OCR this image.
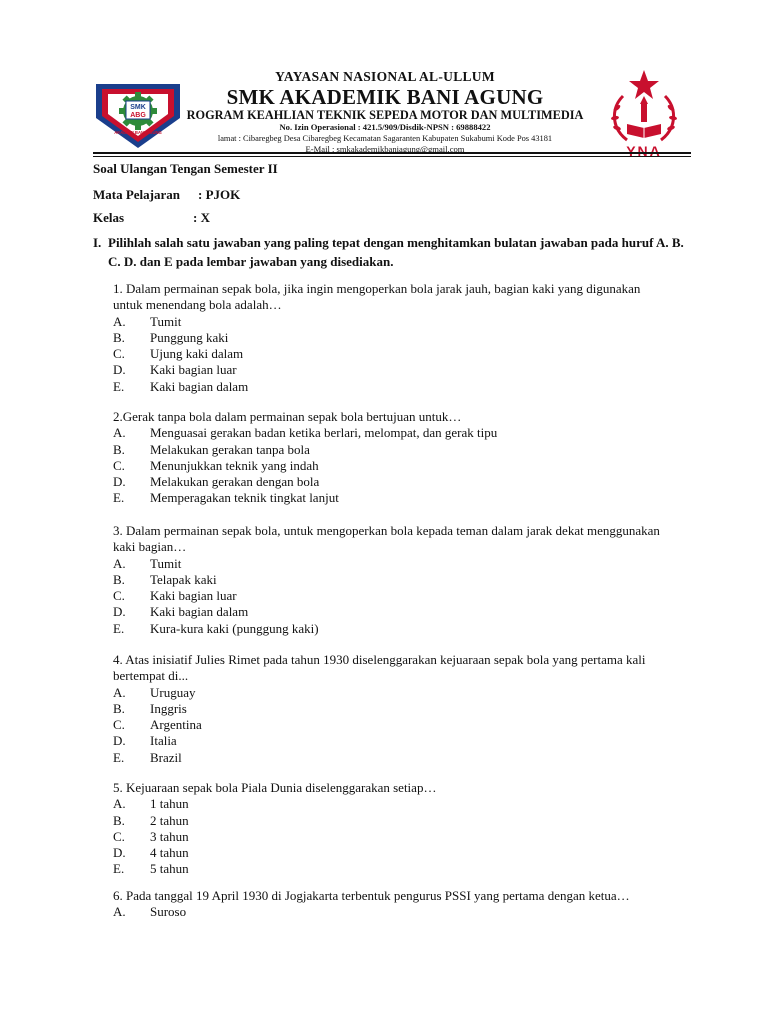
SMK
ABG
AKADEMI BANI AGUNG
YNA
YAYASAN NASIONAL AL-ULLUM
SMK AKADEMIK BANI AGUNG
ROGRAM KEAHLIAN TEKNIK SEPEDA MOTOR DAN MULTIMEDIA
No. Izin Operasional : 421.5/909/Disdik-NPSN : 69888422
lamat : Cibaregbeg Desa Cibaregbeg Kecamatan Sagaranten Kabupaten Sukabumi Kode Pos 43181
E-Mail : smkakademikbaniagung@gmail.com
Soal Ulangan Tengan Semester II
Mata Pelajaran : PJOK
Kelas	: X
I. Pilihlah salah satu jawaban yang paling tepat dengan menghitamkan bulatan jawaban pada huruf A. B. C. D. dan E pada lembar jawaban yang disediakan.

1. Dalam permainan sepak bola, jika ingin mengoperkan bola jarak jauh, bagian kaki yang digunakan untuk menendang bola adalah…

A. Tumit
B. Punggung kaki
C. Ujung kaki dalam
D. Kaki bagian luar
E. Kaki bagian dalam

2.Gerak tanpa bola dalam permainan sepak bola bertujuan untuk…

A. Menguasai gerakan badan ketika berlari, melompat, dan gerak tipu
B. Melakukan gerakan tanpa bola
C. Menunjukkan teknik yang indah
D. Melakukan gerakan dengan bola
E. Memperagakan teknik tingkat lanjut

3. Dalam permainan sepak bola, untuk mengoperkan bola kepada teman dalam jarak dekat menggunakan kaki bagian…

A. Tumit
B. Telapak kaki
C. Kaki bagian luar
D. Kaki bagian dalam
E. Kura-kura kaki (punggung kaki)

4. Atas inisiatif Julies Rimet pada tahun 1930 diselenggarakan kejuaraan sepak bola yang pertama kali bertempat di...

A. Uruguay
B. Inggris
C. Argentina
D. Italia
E. Brazil

5. Kejuaraan sepak bola Piala Dunia diselenggarakan setiap…

A. 1 tahun
B. 2 tahun
C. 3 tahun
D. 4 tahun
E. 5 tahun

6. Pada tanggal 19 April 1930 di Jogjakarta terbentuk pengurus PSSI yang pertama dengan ketua…

A. Suroso
